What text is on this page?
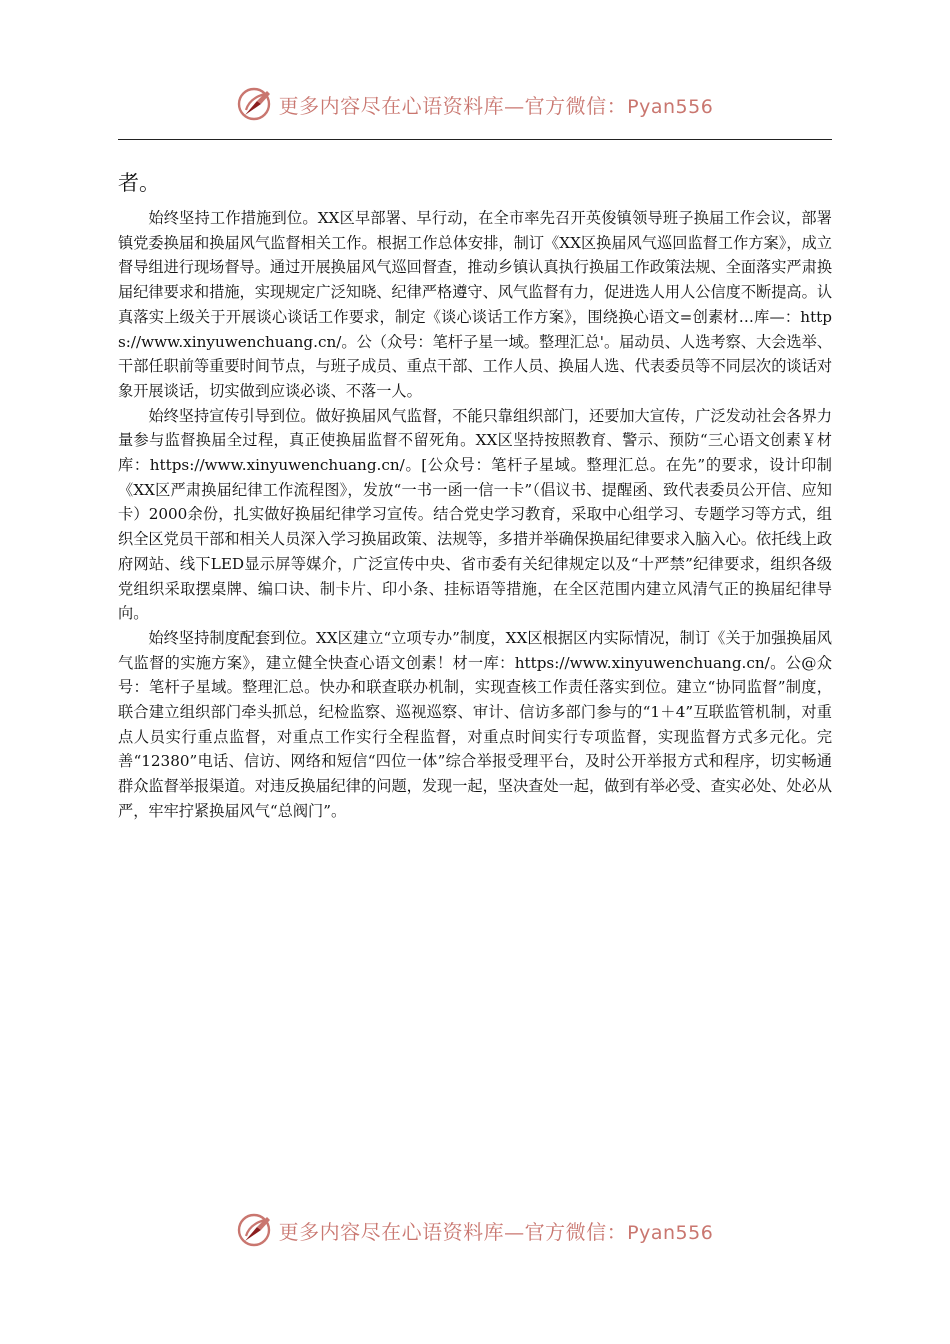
更多内容尽在心语资料库—官方微信：Pyan556
者。

始终坚持工作措施到位。XX区早部署、早行动，在全市率先召开英俊镇领导班子换届工作会议，部署镇党委换届和换届风气监督相关工作。根据工作总体安排，制订《XX区换届风气巡回监督工作方案》，成立督导组进行现场督导。通过开展换届风气巡回督查，推动乡镇认真执行换届工作政策法规、全面落实严肃换届纪律要求和措施，实现规定广泛知晓、纪律严格遵守、风气监督有力，促进选人用人公信度不断提高。认真落实上级关于开展谈心谈话工作要求，制定《谈心谈话工作方案》，围绕换心语文=创素材…库—：https://www.xinyuwenchuang.cn/。公（众号：笔杆子星一域。整理汇总'。届动员、人选考察、大会选举、干部任职前等重要时间节点，与班子成员、重点干部、工作人员、换届人选、代表委员等不同层次的谈话对象开展谈话，切实做到应谈必谈、不落一人。

始终坚持宣传引导到位。做好换届风气监督，不能只靠组织部门，还要加大宣传，广泛发动社会各界力量参与监督换届全过程，真正使换届监督不留死角。XX区坚持按照教育、警示、预防“三心语文创素￥材库：https://www.xinyuwenchuang.cn/。[公众号：笔杆子星域。整理汇总。在先”的要求，设计印制《XX区严肃换届纪律工作流程图》，发放“一书一函一信一卡”（倡议书、提醒函、致代表委员公开信、应知卡）2000余份，扎实做好换届纪律学习宣传。结合党史学习教育，采取中心组学习、专题学习等方式，组织全区党员干部和相关人员深入学习换届政策、法规等，多措并举确保换届纪律要求入脑入心。依托线上政府网站、线下LED显示屏等媒介，广泛宣传中央、省市委有关纪律规定以及“十严禁”纪律要求，组织各级党组织采取摆桌牌、编口诀、制卡片、印小条、挂标语等措施，在全区范围内建立风清气正的换届纪律导向。

始终坚持制度配套到位。XX区建立“立项专办”制度，XX区根据区内实际情况，制订《关于加强换届风气监督的实施方案》，建立健全快查心语文创素！材一库：https://www.xinyuwenchuang.cn/。公@众号：笔杆子星域。整理汇总。快办和联查联办机制，实现查核工作责任落实到位。建立“协同监督”制度，联合建立组织部门牵头抓总，纪检监察、巡视巡察、审计、信访多部门参与的“1＋4”互联监管机制，对重点人员实行重点监督，对重点工作实行全程监督，对重点时间实行专项监督，实现监督方式多元化。完善“12380”电话、信访、网络和短信“四位一体”综合举报受理平台，及时公开举报方式和程序，切实畅通群众监督举报渠道。对违反换届纪律的问题，发现一起，坚决查处一起，做到有举必受、查实必处、处必从严，牢牢拧紧换届风气“总阀门”。

更多内容尽在心语资料库—官方微信：Pyan556
